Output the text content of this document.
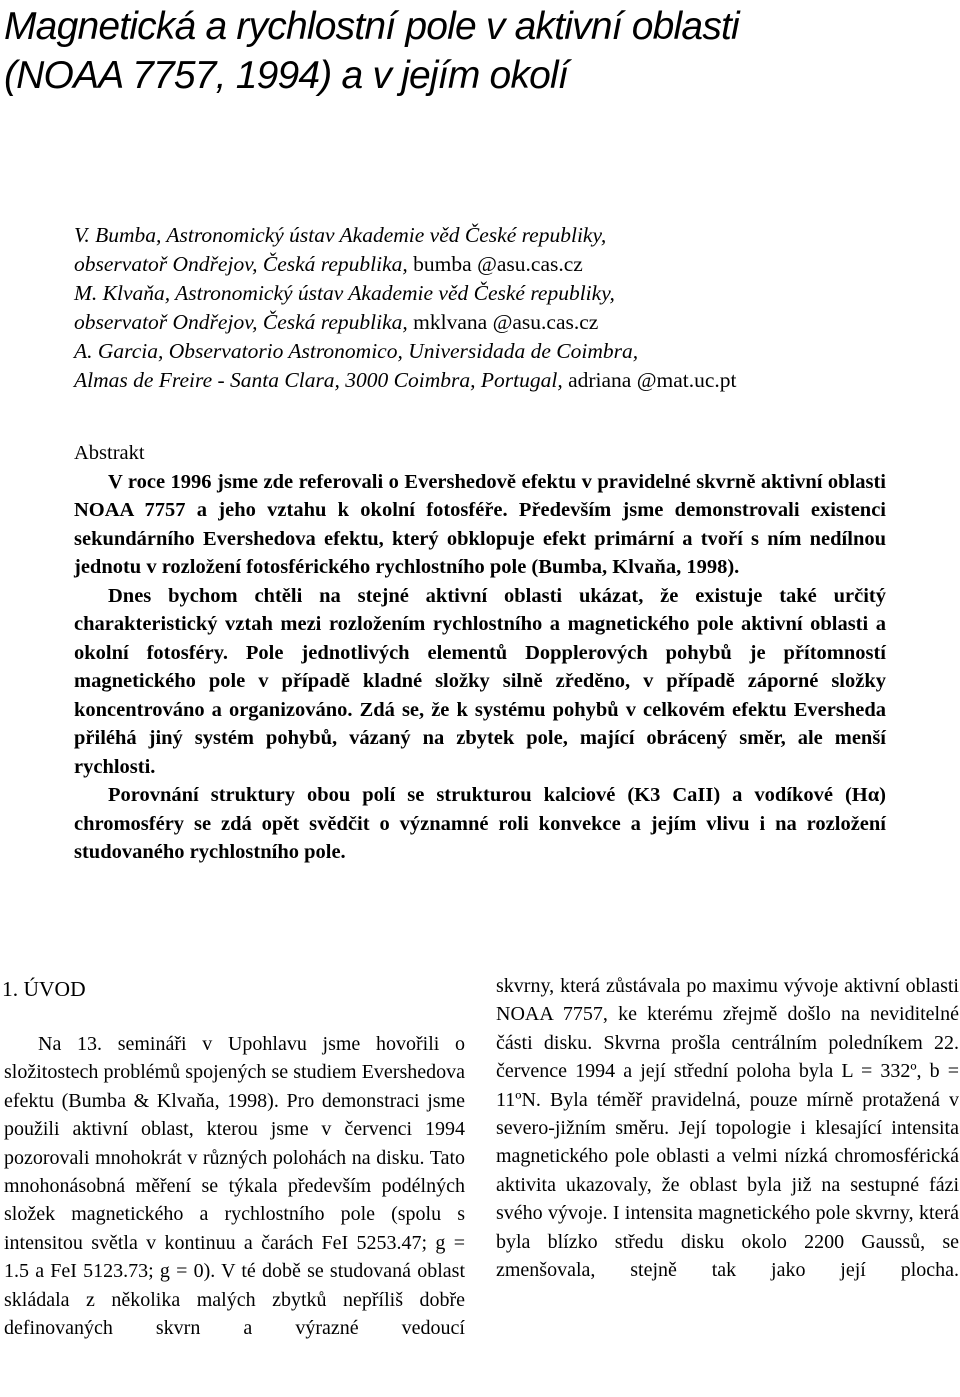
Magnetická a rychlostní pole v aktivní oblasti
(NOAA 7757, 1994) a v jejím okolí
V. Bumba, Astronomický ústav Akademie věd České republiky,
observatoř Ondřejov, Česká republika, bumba @asu.cas.cz
M. Klvaňa, Astronomický ústav Akademie věd České republiky,
observatoř Ondřejov, Česká republika, mklvana @asu.cas.cz
A. Garcia, Observatorio Astronomico, Universidada de Coimbra,
Almas de Freire - Santa Clara, 3000 Coimbra, Portugal, adriana @mat.uc.pt
Abstrakt

V roce 1996 jsme zde referovali o Evershedově efektu v pravidelné skvrně aktivní oblasti NOAA 7757 a jeho vztahu k okolní fotosféře. Především jsme demonstrovali existenci sekundárního Evershedova efektu, který obklopuje efekt primární a tvoří s ním nedílnou jednotu v rozložení fotosférického rychlostního pole (Bumba, Klvaňa, 1998).

Dnes bychom chtěli na stejné aktivní oblasti ukázat, že existuje také určitý charakteristický vztah mezi rozložením rychlostního a magnetického pole aktivní oblasti a okolní fotosféry. Pole jednotlivých elementů Dopplerových pohybů je přítomností magnetického pole v případě kladné složky silně zředěno, v případě záporné složky koncentrováno a organizováno. Zdá se, že k systému pohybů v celkovém efektu Eversheda přiléhá jiný systém pohybů, vázaný na zbytek pole, mající obrácený směr, ale menší rychlosti.

Porovnání struktury obou polí se strukturou kalciové (K3 CaII) a vodíkové (Hα) chromosféry se zdá opět svědčit o významné roli konvekce a jejím vlivu i na rozložení studovaného rychlostního pole.

1. ÚVOD

Na 13. semináři v Upohlavu jsme hovořili o složitostech problémů spojených se studiem Evershedova efektu (Bumba & Klvaňa, 1998). Pro demonstraci jsme použili aktivní oblast, kterou jsme v červenci 1994 pozorovali mnohokrát v různých polohách na disku. Tato mnohonásobná měření se týkala především podélných složek magnetického a rychlostního pole (spolu s intensitou světla v kontinuu a čarách FeI 5253.47; g = 1.5 a FeI 5123.73; g = 0). V té době se studovaná oblast skládala z několika malých zbytků nepříliš dobře definovaných skvrn a výrazné vedoucí

skvrny, která zůstávala po maximu vývoje aktivní oblasti NOAA 7757, ke kterému zřejmě došlo na neviditelné části disku. Skvrna prošla centrálním poledníkem 22. července 1994 a její střední poloha byla L = 332º, b = 11ºN. Byla téměř pravidelná, pouze mírně protažená v severo-jižním směru. Její topologie i klesající intensita magnetického pole oblasti a velmi nízká chromosférická aktivita ukazovaly, že oblast byla již na sestupné fázi svého vývoje. I intensita magnetického pole skvrny, která byla blízko středu disku okolo 2200 Gaussů, se zmenšovala, stejně tak jako její plocha.
